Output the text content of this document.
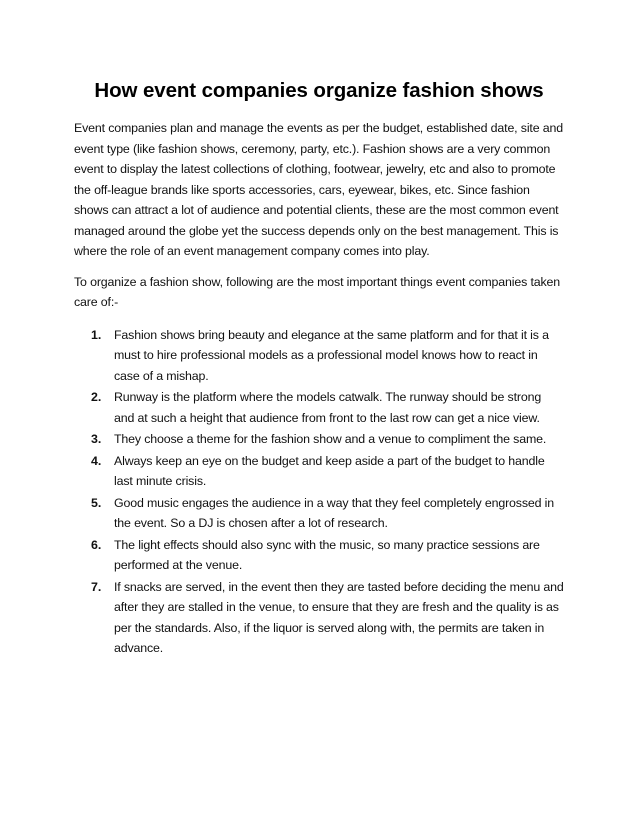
How event companies organize fashion shows

Event companies plan and manage the events as per the budget, established date, site and event type (like fashion shows, ceremony, party, etc.). Fashion shows are a very common event to display the latest collections of clothing, footwear, jewelry, etc and also to promote the off-league brands like sports accessories, cars, eyewear, bikes, etc. Since fashion shows can attract a lot of audience and potential clients, these are the most common event managed around the globe yet the success depends only on the best management. This is where the role of an event management company comes into play.

To organize a fashion show, following are the most important things event companies taken care of:-

1.	Fashion shows bring beauty and elegance at the same platform and for that it is a must to hire professional models as a professional model knows how to react in case of a mishap.
2.	Runway is the platform where the models catwalk. The runway should be strong and at such a height that audience from front to the last row can get a nice view.
3.	They choose a theme for the fashion show and a venue to compliment the same.
4.	Always keep an eye on the budget and keep aside a part of the budget to handle last minute crisis.
5.	Good music engages the audience in a way that they feel completely engrossed in the event. So a DJ is chosen after a lot of research.
6.	The light effects should also sync with the music, so many practice sessions are performed at the venue.
7.	If snacks are served, in the event then they are tasted before deciding the menu and after they are stalled in the venue, to ensure that they are fresh and the quality is as per the standards. Also, if the liquor is served along with, the permits are taken in advance.
